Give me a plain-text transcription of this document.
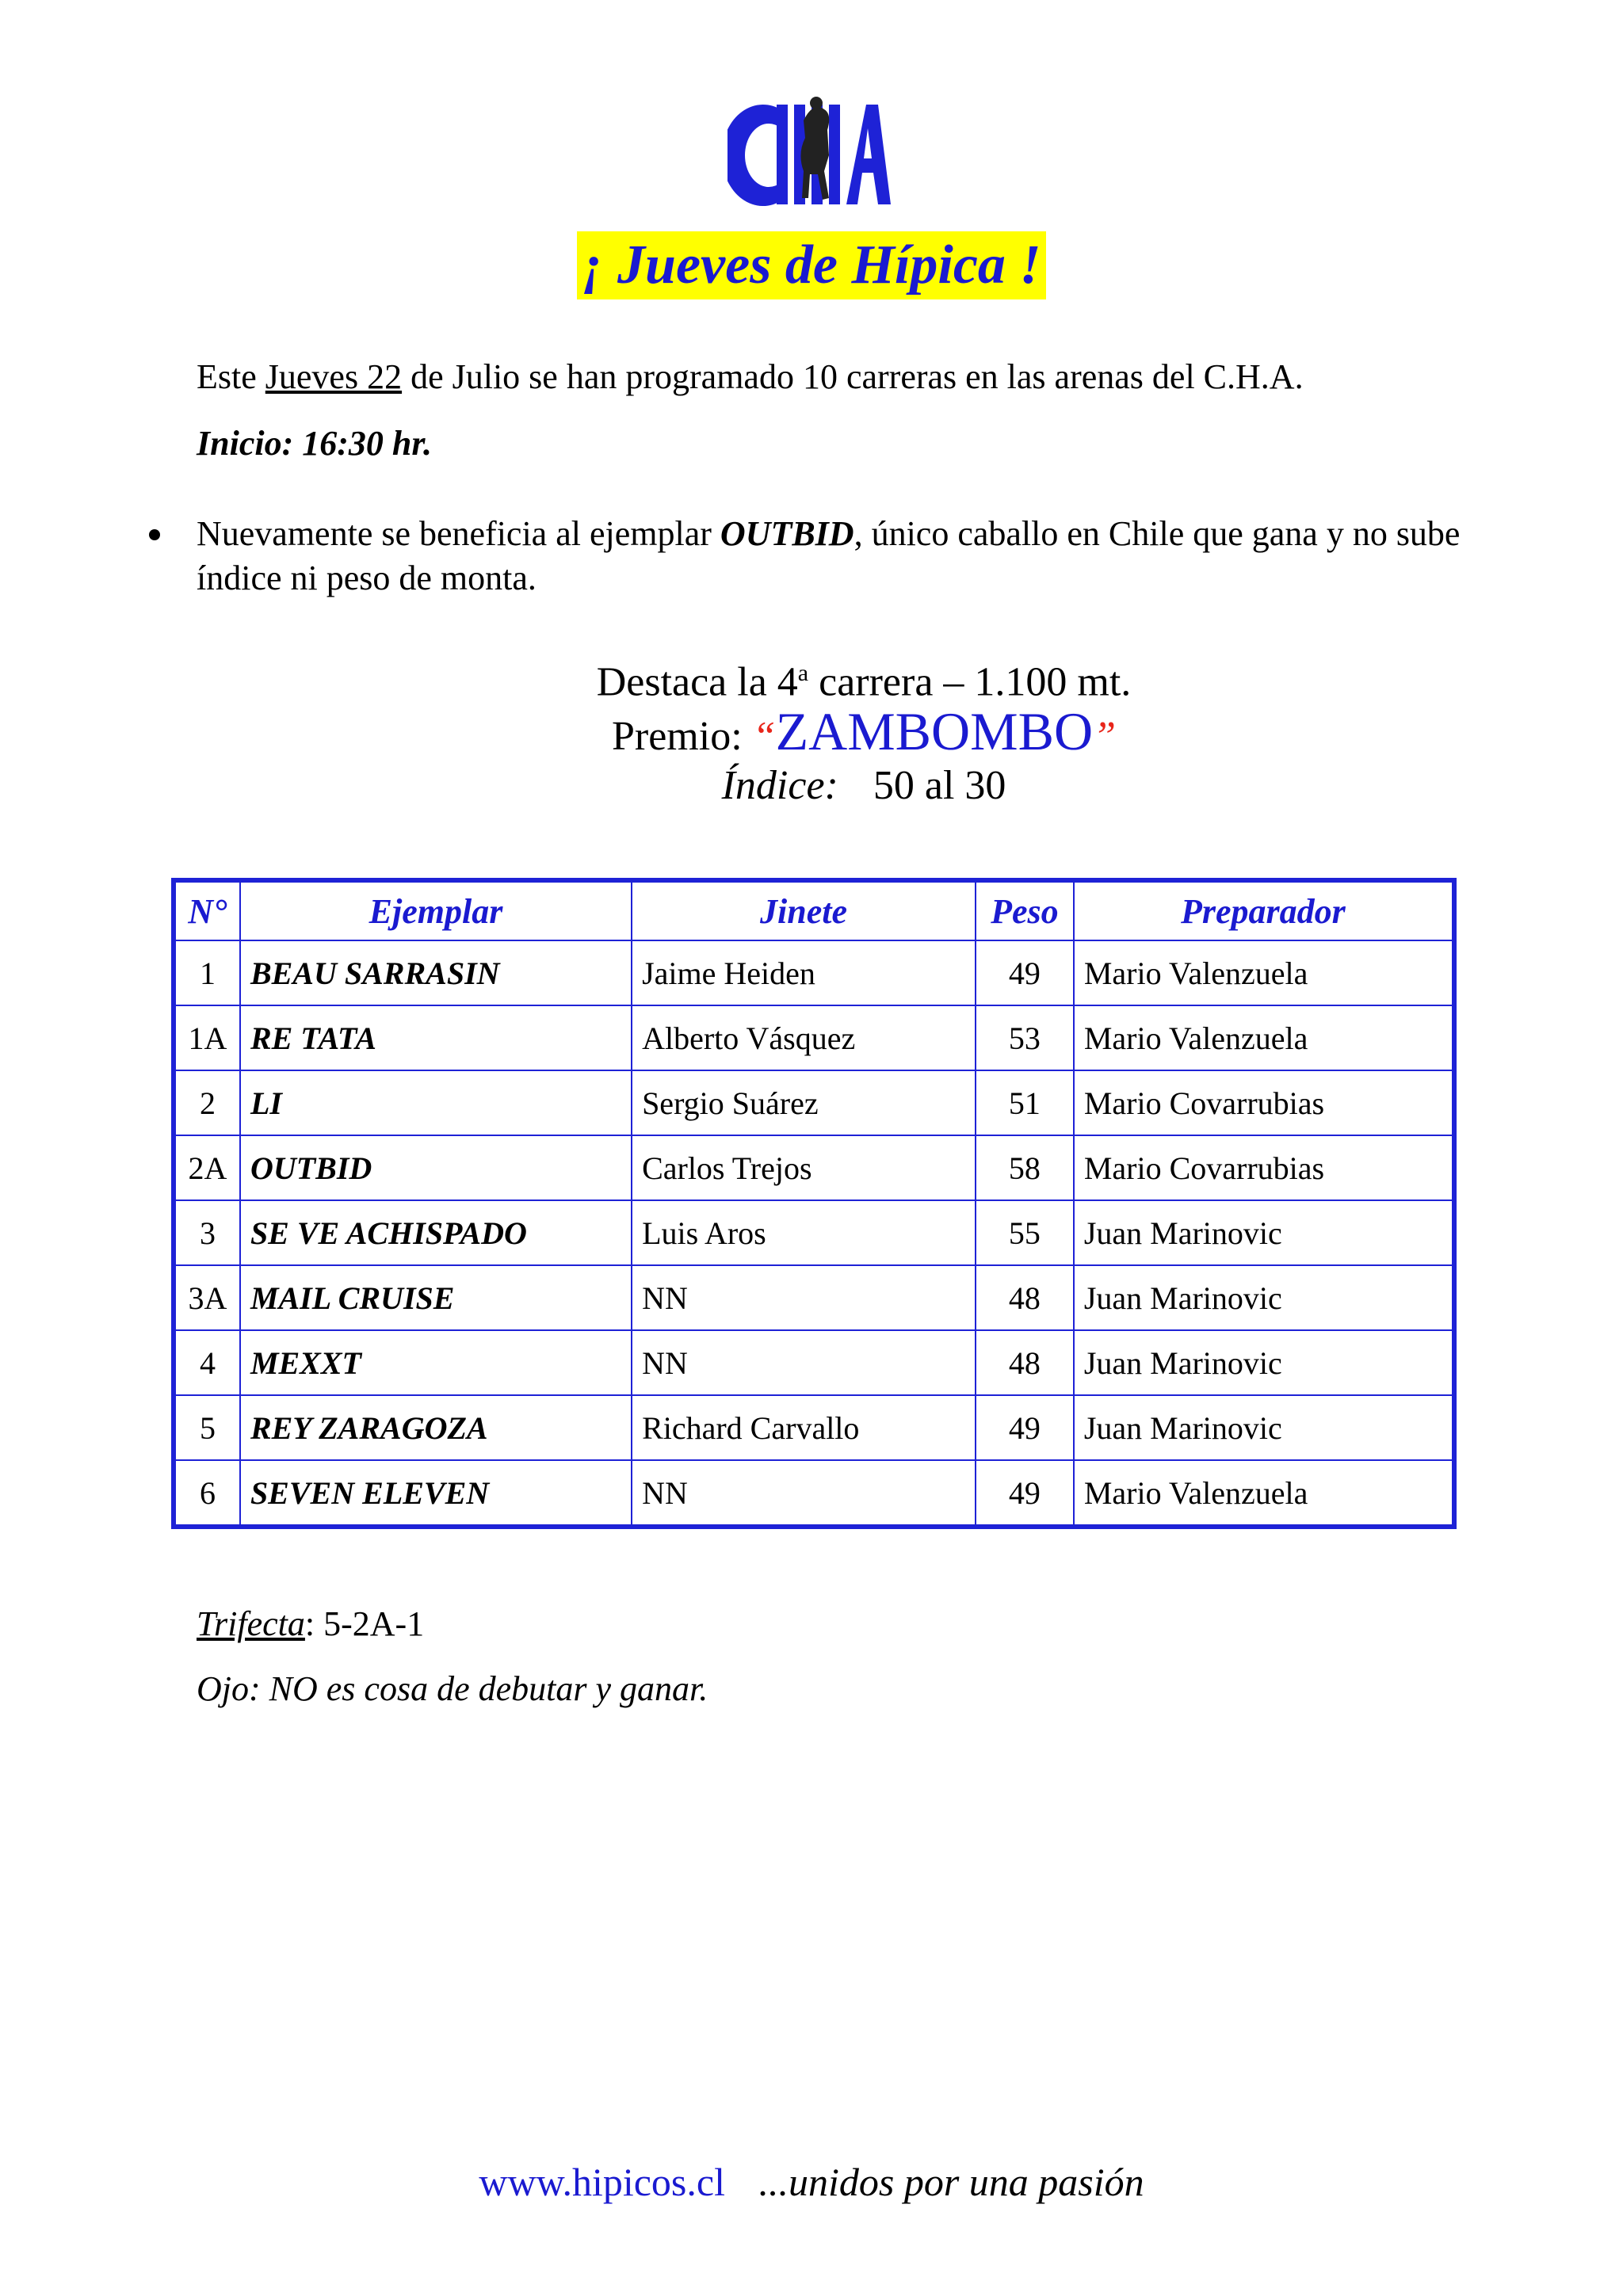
¡ Jueves de Hípica !
Este Jueves 22 de Julio se han programado 10 carreras en las arenas del C.H.A.
Inicio: 16:30 hr.
Nuevamente se beneficia al ejemplar OUTBID, único caballo en Chile que gana y no sube índice ni peso de monta.
Destaca la 4$^a$ carrera – 1.100 mt.
Premio: “ZAMBOMBO”
Índice: 50 al 30
N°	Ejemplar	Jinete	Peso	Preparador
1	BEAU SARRASIN	Jaime Heiden	49	Mario Valenzuela
1A	RE TATA	Alberto Vásquez	53	Mario Valenzuela
2	LI	Sergio Suárez	51	Mario Covarrubias
2A	OUTBID	Carlos Trejos	58	Mario Covarrubias
3	SE VE ACHISPADO	Luis Aros	55	Juan Marinovic
3A	MAIL CRUISE	NN	48	Juan Marinovic
4	MEXXT	NN	48	Juan Marinovic
5	REY ZARAGOZA	Richard Carvallo	49	Juan Marinovic
6	SEVEN ELEVEN	NN	49	Mario Valenzuela
Trifecta: 5-2A-1
Ojo: NO es cosa de debutar y ganar.
www.hipicos.cl ...unidos por una pasión
